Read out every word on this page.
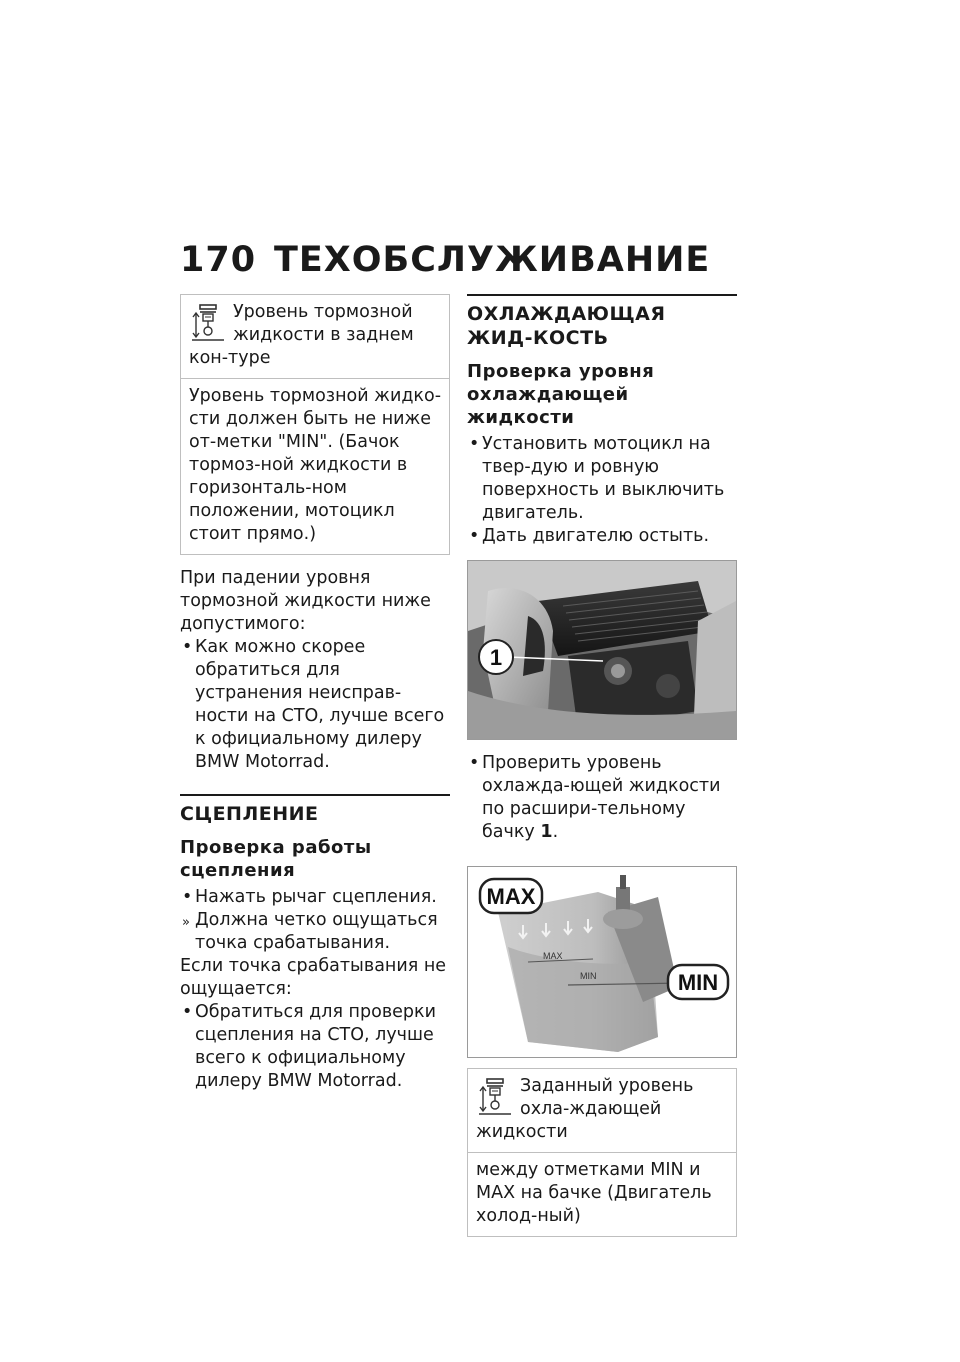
170 ТЕХОБСЛУЖИВАНИЕ
Уровень тормозной жидкости в заднем кон-туре
Уровень тормозной жидко-сти должен быть не ниже от-метки "MIN". (Бачок тормоз-ной жидкости в горизонталь-ном положении, мотоцикл стоит прямо.)

При падении уровня тормозной жидкости ниже допустимого:

• Как можно скорее обратиться для устранения неисправ-ности на СТО, лучше всего к официальному дилеру BMW Motorrad.
СЦЕПЛЕНИЕ
Проверка работы сцепления
• Нажать рычаг сцепления.
» Должна четко ощущаться точка срабатывания.

Если точка срабатывания не ощущается:

• Обратиться для проверки сцепления на СТО, лучше всего к официальному дилеру BMW Motorrad.
ОХЛАЖДАЮЩАЯ ЖИД-КОСТЬ
Проверка уровня охлаждающей жидкости
• Установить мотоцикл на твер-дую и ровную поверхность и выключить двигатель.
• Дать двигателю остыть.
1
• Проверить уровень охлажда-ющей жидкости по расшири-тельному бачку 1.
MAX
MIN
MAX
MIN
Заданный уровень охла-ждающей жидкости
между отметками MIN и MAX на бачке (Двигатель холод-ный)
